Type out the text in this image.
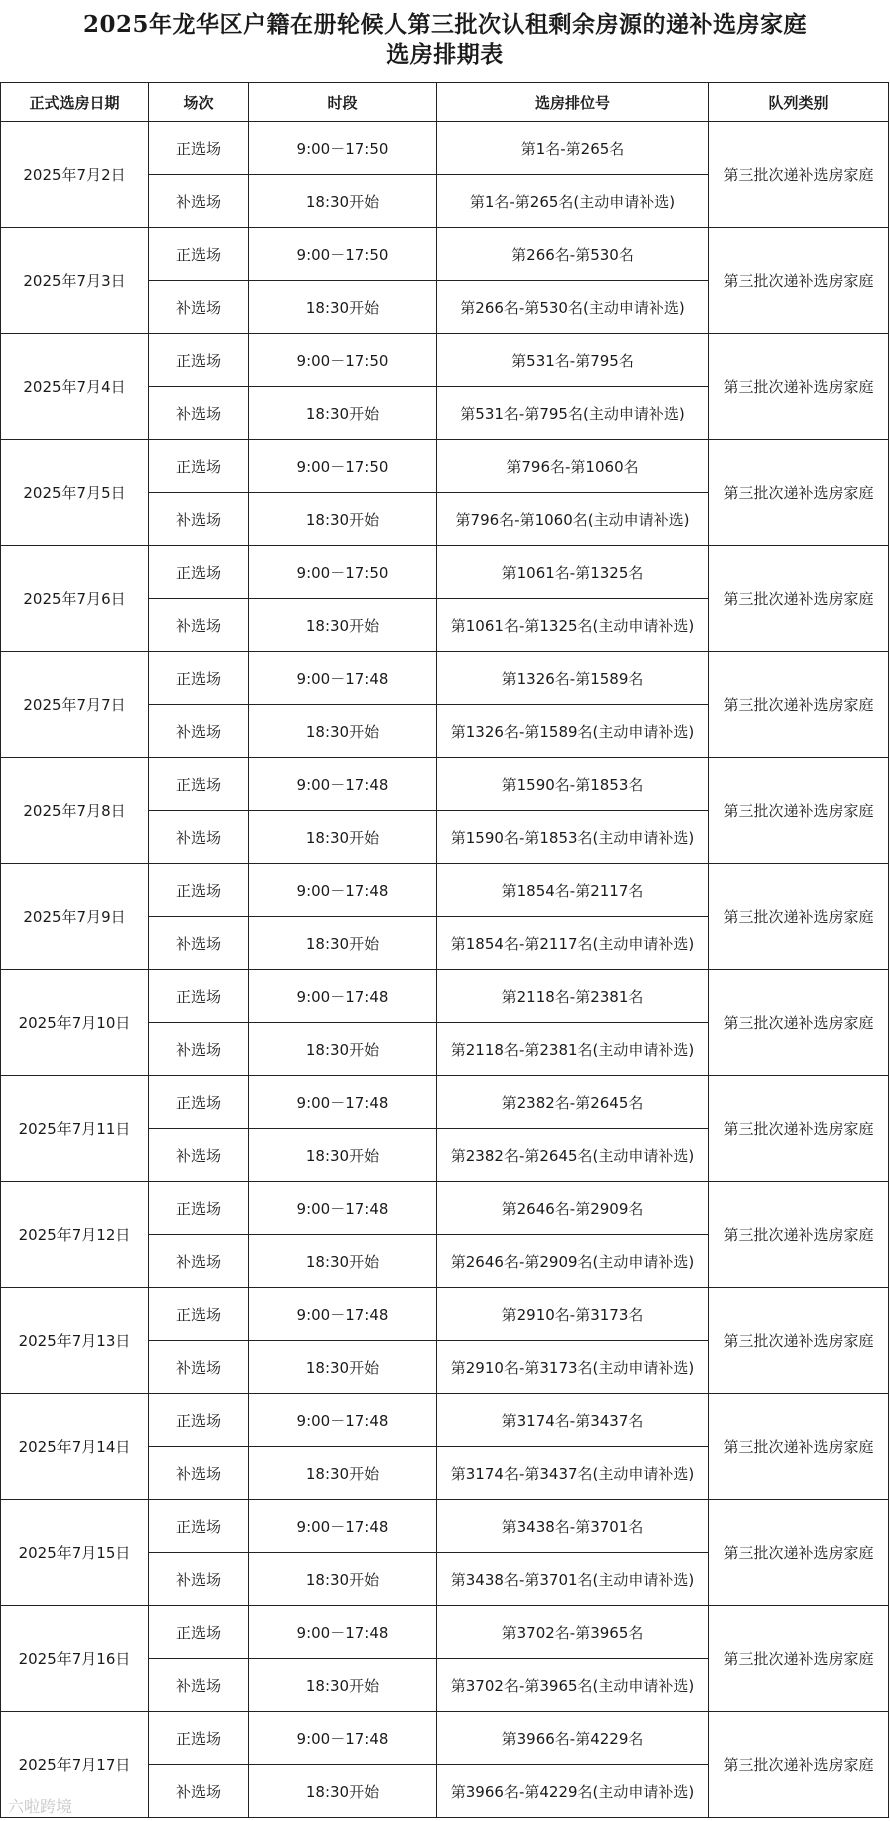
2025年龙华区户籍在册轮候人第三批次认租剩余房源的递补选房家庭
选房排期表
正式选房日期	场次	时段	选房排位号	队列类别
2025年7月2日	正选场	9:00－17:50	第1名-第265名	第三批次递补选房家庭
	补选场	18:30开始	第1名-第265名(主动申请补选)	
2025年7月3日	正选场	9:00－17:50	第266名-第530名	第三批次递补选房家庭
	补选场	18:30开始	第266名-第530名(主动申请补选)	
2025年7月4日	正选场	9:00－17:50	第531名-第795名	第三批次递补选房家庭
	补选场	18:30开始	第531名-第795名(主动申请补选)	
2025年7月5日	正选场	9:00－17:50	第796名-第1060名	第三批次递补选房家庭
	补选场	18:30开始	第796名-第1060名(主动申请补选)	
2025年7月6日	正选场	9:00－17:50	第1061名-第1325名	第三批次递补选房家庭
	补选场	18:30开始	第1061名-第1325名(主动申请补选)	
2025年7月7日	正选场	9:00－17:48	第1326名-第1589名	第三批次递补选房家庭
	补选场	18:30开始	第1326名-第1589名(主动申请补选)	
2025年7月8日	正选场	9:00－17:48	第1590名-第1853名	第三批次递补选房家庭
	补选场	18:30开始	第1590名-第1853名(主动申请补选)	
2025年7月9日	正选场	9:00－17:48	第1854名-第2117名	第三批次递补选房家庭
	补选场	18:30开始	第1854名-第2117名(主动申请补选)	
2025年7月10日	正选场	9:00－17:48	第2118名-第2381名	第三批次递补选房家庭
	补选场	18:30开始	第2118名-第2381名(主动申请补选)	
2025年7月11日	正选场	9:00－17:48	第2382名-第2645名	第三批次递补选房家庭
	补选场	18:30开始	第2382名-第2645名(主动申请补选)	
2025年7月12日	正选场	9:00－17:48	第2646名-第2909名	第三批次递补选房家庭
	补选场	18:30开始	第2646名-第2909名(主动申请补选)	
2025年7月13日	正选场	9:00－17:48	第2910名-第3173名	第三批次递补选房家庭
	补选场	18:30开始	第2910名-第3173名(主动申请补选)	
2025年7月14日	正选场	9:00－17:48	第3174名-第3437名	第三批次递补选房家庭
	补选场	18:30开始	第3174名-第3437名(主动申请补选)	
2025年7月15日	正选场	9:00－17:48	第3438名-第3701名	第三批次递补选房家庭
	补选场	18:30开始	第3438名-第3701名(主动申请补选)	
2025年7月16日	正选场	9:00－17:48	第3702名-第3965名	第三批次递补选房家庭
	补选场	18:30开始	第3702名-第3965名(主动申请补选)	
2025年7月17日	正选场	9:00－17:48	第3966名-第4229名	第三批次递补选房家庭
	补选场	18:30开始	第3966名-第4229名(主动申请补选)	
六啦跨境
